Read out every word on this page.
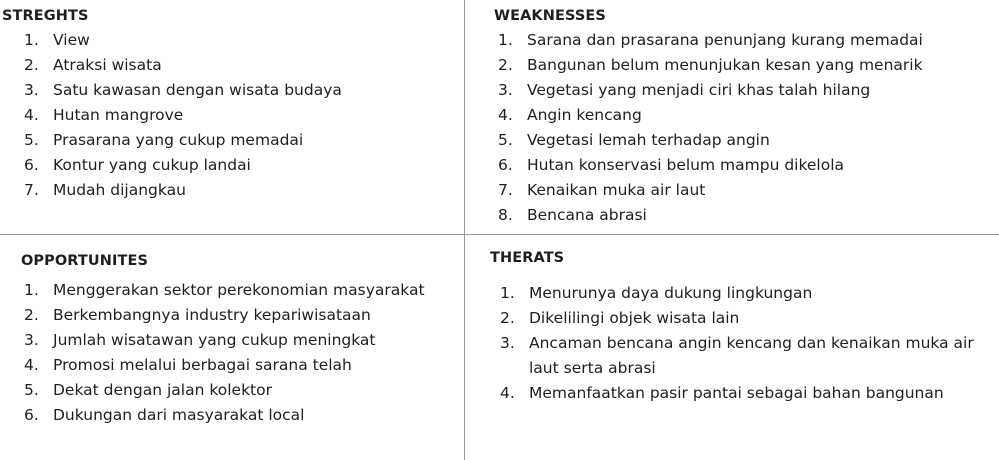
STREGHTS
1. View
2. Atraksi wisata
3. Satu kawasan dengan wisata budaya
4. Hutan mangrove
5. Prasarana yang cukup memadai
6. Kontur yang cukup landai
7. Mudah dijangkau
WEAKNESSES
1. Sarana dan prasarana penunjang kurang memadai
2. Bangunan belum menunjukan kesan yang menarik
3. Vegetasi yang menjadi ciri khas talah hilang
4. Angin kencang
5. Vegetasi lemah terhadap angin
6. Hutan konservasi belum mampu dikelola
7. Kenaikan muka air laut
8. Bencana abrasi
OPPORTUNITES
1. Menggerakan sektor perekonomian masyarakat
2. Berkembangnya industry kepariwisataan
3. Jumlah wisatawan yang cukup meningkat
4. Promosi melalui berbagai sarana telah
5. Dekat dengan jalan kolektor
6. Dukungan dari masyarakat local
THERATS
1. Menurunya daya dukung lingkungan
2. Dikelilingi objek wisata lain
3. Ancaman bencana angin kencang dan kenaikan muka air laut serta abrasi
4. Memanfaatkan pasir pantai sebagai bahan bangunan
